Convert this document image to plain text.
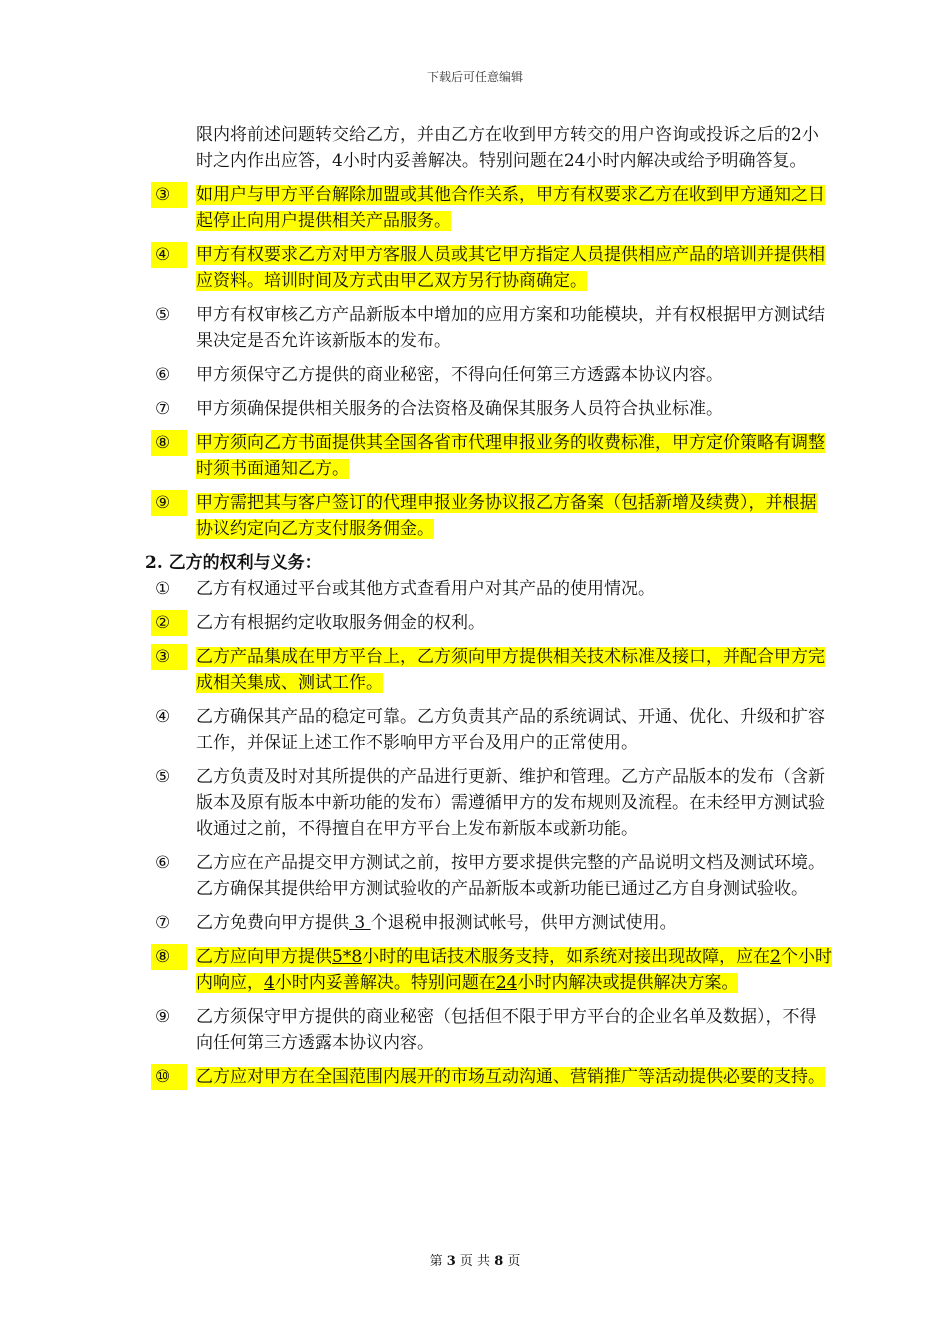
下载后可任意编辑
限内将前述问题转交给乙方，并由乙方在收到甲方转交的用户咨询或投诉之后的2小时之内作出应答，4小时内妥善解决。特别问题在24小时内解决或给予明确答复。
③	如用户与甲方平台解除加盟或其他合作关系，甲方有权要求乙方在收到甲方通知之日起停止向用户提供相关产品服务。
④	甲方有权要求乙方对甲方客服人员或其它甲方指定人员提供相应产品的培训并提供相应资料。培训时间及方式由甲乙双方另行协商确定。
⑤	甲方有权审核乙方产品新版本中增加的应用方案和功能模块，并有权根据甲方测试结果决定是否允许该新版本的发布。
⑥	甲方须保守乙方提供的商业秘密，不得向任何第三方透露本协议内容。
⑦	甲方须确保提供相关服务的合法资格及确保其服务人员符合执业标准。
⑧	甲方须向乙方书面提供其全国各省市代理申报业务的收费标准，甲方定价策略有调整时须书面通知乙方。
⑨	甲方需把其与客户签订的代理申报业务协议报乙方备案（包括新增及续费），并根据协议约定向乙方支付服务佣金。
2. 乙方的权利与义务：
①	乙方有权通过平台或其他方式查看用户对其产品的使用情况。
②	乙方有根据约定收取服务佣金的权利。
③	乙方产品集成在甲方平台上，乙方须向甲方提供相关技术标准及接口，并配合甲方完成相关集成、测试工作。
④	乙方确保其产品的稳定可靠。乙方负责其产品的系统调试、开通、优化、升级和扩容工作，并保证上述工作不影响甲方平台及用户的正常使用。
⑤	乙方负责及时对其所提供的产品进行更新、维护和管理。乙方产品版本的发布（含新版本及原有版本中新功能的发布）需遵循甲方的发布规则及流程。在未经甲方测试验收通过之前，不得擅自在甲方平台上发布新版本或新功能。
⑥	乙方应在产品提交甲方测试之前，按甲方要求提供完整的产品说明文档及测试环境。乙方确保其提供给甲方测试验收的产品新版本或新功能已通过乙方自身测试验收。
⑦	乙方免费向甲方提供 3 个退税申报测试帐号，供甲方测试使用。
⑧	乙方应向甲方提供5*8小时的电话技术服务支持，如系统对接出现故障，应在2个小时内响应，4小时内妥善解决。特别问题在24小时内解决或提供解决方案。
⑨	乙方须保守甲方提供的商业秘密（包括但不限于甲方平台的企业名单及数据），不得向任何第三方透露本协议内容。
⑩	乙方应对甲方在全国范围内展开的市场互动沟通、营销推广等活动提供必要的支持。
第 3 页 共 8 页
